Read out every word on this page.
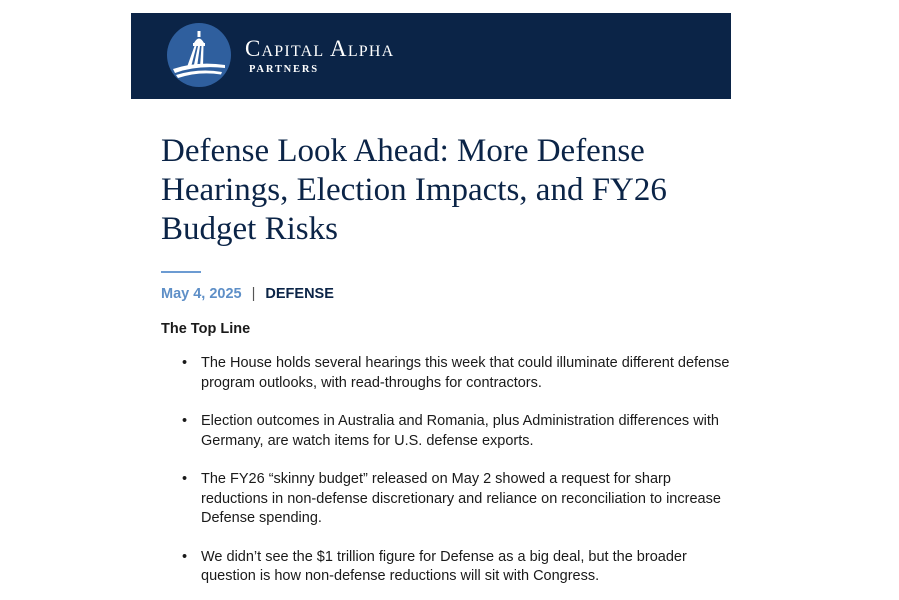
Capital Alpha
PARTNERS
Defense Look Ahead: More Defense Hearings, Election Impacts, and FY26 Budget Risks
May 4, 2025 | DEFENSE
The Top Line
• The House holds several hearings this week that could illuminate different defense program outlooks, with read-throughs for contractors.
• Election outcomes in Australia and Romania, plus Administration differences with Germany, are watch items for U.S. defense exports.
• The FY26 “skinny budget” released on May 2 showed a request for sharp reductions in non-defense discretionary and reliance on reconciliation to increase Defense spending.
• We didn’t see the $1 trillion figure for Defense as a big deal, but the broader question is how non-defense reductions will sit with Congress.
